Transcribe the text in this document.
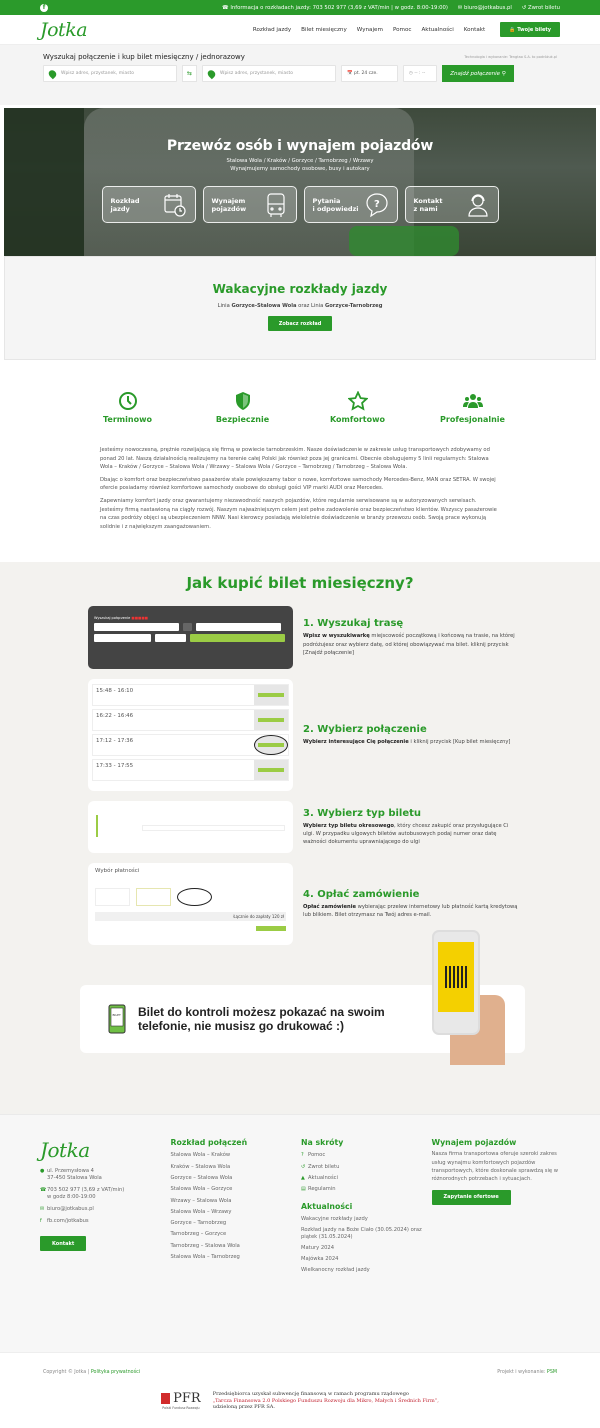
f	☎ Informacja o rozkładach jazdy: 703 502 977 (3,69 z VAT/min | w godz. 8:00-19:00) ✉ biuro@jotkabus.pl ↺ Zwrot biletu
Jotka	Rozkład jazdy Bilet miesięczny Wynajem Pomoc Aktualności Kontakt	🔒 Twoje bilety
Wyszukaj połączenie i kup bilet miesięczny / jednorazowy	Technologia i wykonanie: Tengtao S.A. to podróżuk.pl
Wpisz adres, przystanek, miasto	⇆	Wpisz adres, przystanek, miasto	📅 pt. 24 cze.	◷ -- : --	Znajdź połączenie
⚲
Przewóz osób i wynajem pojazdów

Stalowa Wola / Kraków / Gorzyce / Tarnobrzeg / Wrzawy
Wynajmujemy samochody osobowe, busy i autokary

Rozkład
jazdy
Wynajem
pojazdów
Pytania
i odpowiedzi ?	Kontakt
z nami
Wakacyjne rozkłady jazdy

Linia Gorzyce-Stalowa Wola oraz Linia Gorzyce-Tarnobrzeg

Zobacz rozkład
Terminowo	Bezpiecznie	Komfortowo	Profesjonalnie

Jesteśmy nowoczesną, prężnie rozwijającą się firmą w powiecie tarnobrzeskim. Nasze doświadczenie w zakresie usług transportowych zdobywamy od ponad 20 lat. Naszą działalnością realizujemy na terenie całej Polski jak również poza jej granicami. Obecnie obsługujemy 5 linii regularnych: Stalowa Wola – Kraków / Gorzyce – Stalowa Wola / Wrzawy – Stalowa Wola / Gorzyce – Tarnobrzeg / Tarnobrzeg – Stalowa Wola.

Dbając o komfort oraz bezpieczeństwo pasażerów stale powiększamy tabor o nowe, komfortowe samochody Mercedes-Benz, MAN oraz SETRA. W swojej ofercie posiadamy również komfortowe samochody osobowe do obsługi gości VIP marki AUDI oraz Mercedes.

Zapewniamy komfort jazdy oraz gwarantujemy niezawodność naszych pojazdów, które regularnie serwisowane są w autoryzowanych serwisach. Jesteśmy firmą nastawioną na ciągły rozwój. Naszym najważniejszym celem jest pełne zadowolenie oraz bezpieczeństwo klientów. Wszyscy pasażerowie na czas podróży objęci są ubezpieczeniem NNW. Nasi kierowcy posiadają wieloletnie doświadczenie w branży przewozu osób. Swoją prace wykonują solidnie i z największym zaangażowaniem.

Jak kupić bilet miesięczny?
Wyszukaj połączenie ■■■■■
1. Wyszukaj trasę

Wpisz w wyszukiwarkę miejscowość początkową i końcową na trasie, na której podróżujesz oraz wybierz datę, od której obowiązywać ma bilet. kliknij przycisk [Znajdź połączenie]

15:48 - 16:10
16:22 - 16:46
17:12 - 17:36
17:33 - 17:55
2. Wybierz połączenie

Wybierz interesujące Cię połączenie i kliknij przycisk [Kup bilet miesięczny]

3. Wybierz typ biletu

Wybierz typ biletu okresowego, który chcesz zakupić oraz przysługujące Ci ulgi. W przypadku ulgowych biletów autobusowych podaj numer oraz datę ważności dokumentu uprawniającego do ulgi

Wybór płatności
Łącznie do zapłaty 120 zł
4. Opłać zamówienie

Opłać zamówienie wybierając przelew internetowy lub płatność kartą kredytową lub blikiem. Bilet otrzymasz na Twój adres e-mail.

BILET Bilet do kontroli możesz pokazać na swoim
telefonie, nie musisz go drukować :)
Jotka
● ul. Przemysłowa 4
37-450 Stalowa Wola
☎ 703 502 977 (3,69 z VAT/min)
w godz 8:00-19:00
✉ biuro@jotkabus.pl
f	fb.com/jotkabus
Kontakt
Rozkład połączeń
Stalowa Wola – Kraków
Kraków – Stalowa Wola
Gorzyce – Stalowa Wola
Stalowa Wola – Gorzyce
Wrzawy – Stalowa Wola
Stalowa Wola – Wrzawy
Gorzyce – Tarnobrzeg
Tarnobrzeg – Gorzyce
Tarnobrzeg – Stalowa Wola
Stalowa Wola – Tarnobrzeg
Na skróty
? Pomoc
↺ Zwrot biletu
▲ Aktualności
▤ Regulamin
Aktualności
Wakacyjne rozkłady jazdy
Rozkład jazdy na Boże Ciało (30.05.2024) oraz piątek (31.05.2024)
Matury 2024
Majówka 2024
Wielkanocny rozkład jazdy
Wynajem pojazdów

Nasza firma transportowa oferuje szeroki zakres usług wynajmu komfortowych pojazdów transportowych, które doskonale sprawdzą się w różnorodnych potrzebach i sytuacjach.

Zapytanie ofertowe
Copyright © Jotka | Polityka prywatności	Projekt i wykonanie: PSM
PFR
Polski Fundusz Rozwoju
Przedsiębiorca uzyskał subwencję finansową w ramach programu rządowego
„Tarcza Finansowa 2.0 Polskiego Funduszu Rozwoju dla Mikro, Małych i Średnich Firm”,
udzieloną przez PFR SA.
